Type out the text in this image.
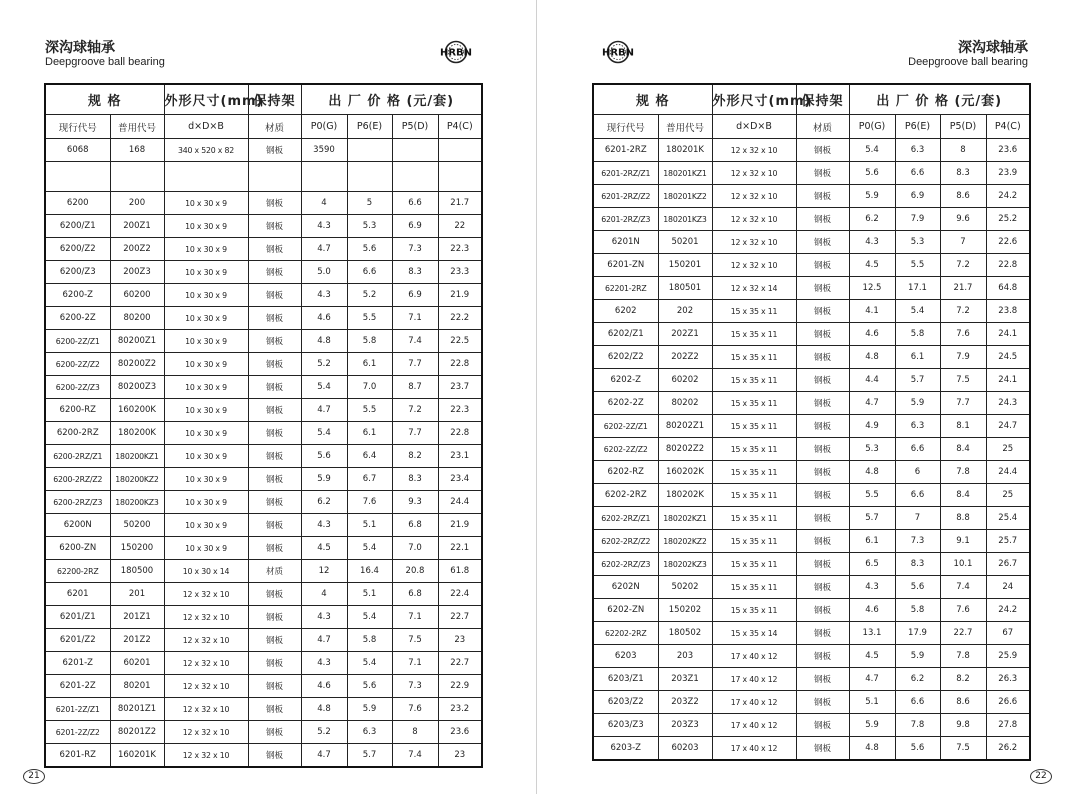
深沟球轴承
Deepgroove ball bearing
HRBN
规 格		外形尺寸(mm)	保持架	出 厂 价 格 (元/套)			
现行代号	普用代号	d×D×B	材质	P0(G)	P6(E)	P5(D)	P4(C)
6068	168	340 x 520 x 82	钢板	3590			

6200	200	10 x 30 x 9	钢板	4	5	6.6	21.7
6200/Z1	200Z1	10 x 30 x 9	钢板	4.3	5.3	6.9	22
6200/Z2	200Z2	10 x 30 x 9	钢板	4.7	5.6	7.3	22.3
6200/Z3	200Z3	10 x 30 x 9	钢板	5.0	6.6	8.3	23.3
6200-Z	60200	10 x 30 x 9	钢板	4.3	5.2	6.9	21.9
6200-2Z	80200	10 x 30 x 9	钢板	4.6	5.5	7.1	22.2
6200-2Z/Z1	80200Z1	10 x 30 x 9	钢板	4.8	5.8	7.4	22.5
6200-2Z/Z2	80200Z2	10 x 30 x 9	钢板	5.2	6.1	7.7	22.8
6200-2Z/Z3	80200Z3	10 x 30 x 9	钢板	5.4	7.0	8.7	23.7
6200-RZ	160200K	10 x 30 x 9	钢板	4.7	5.5	7.2	22.3
6200-2RZ	180200K	10 x 30 x 9	钢板	5.4	6.1	7.7	22.8
6200-2RZ/Z1	180200KZ1	10 x 30 x 9	钢板	5.6	6.4	8.2	23.1
6200-2RZ/Z2	180200KZ2	10 x 30 x 9	钢板	5.9	6.7	8.3	23.4
6200-2RZ/Z3	180200KZ3	10 x 30 x 9	钢板	6.2	7.6	9.3	24.4
6200N	50200	10 x 30 x 9	钢板	4.3	5.1	6.8	21.9
6200-ZN	150200	10 x 30 x 9	钢板	4.5	5.4	7.0	22.1
62200-2RZ	180500	10 x 30 x 14	材质	12	16.4	20.8	61.8
6201	201	12 x 32 x 10	钢板	4	5.1	6.8	22.4
6201/Z1	201Z1	12 x 32 x 10	钢板	4.3	5.4	7.1	22.7
6201/Z2	201Z2	12 x 32 x 10	钢板	4.7	5.8	7.5	23
6201-Z	60201	12 x 32 x 10	钢板	4.3	5.4	7.1	22.7
6201-2Z	80201	12 x 32 x 10	钢板	4.6	5.6	7.3	22.9
6201-2Z/Z1	80201Z1	12 x 32 x 10	钢板	4.8	5.9	7.6	23.2
6201-2Z/Z2	80201Z2	12 x 32 x 10	钢板	5.2	6.3	8	23.6
6201-RZ	160201K	12 x 32 x 10	钢板	4.7	5.7	7.4	23
21
HRBN	深沟球轴承
Deepgroove ball bearing
规 格		外形尺寸(mm)	保持架	出 厂 价 格 (元/套)			
现行代号	普用代号	d×D×B	材质	P0(G)	P6(E)	P5(D)	P4(C)
6201-2RZ	180201K	12 x 32 x 10	钢板	5.4	6.3	8	23.6
6201-2RZ/Z1	180201KZ1	12 x 32 x 10	钢板	5.6	6.6	8.3	23.9
6201-2RZ/Z2	180201KZ2	12 x 32 x 10	钢板	5.9	6.9	8.6	24.2
6201-2RZ/Z3	180201KZ3	12 x 32 x 10	钢板	6.2	7.9	9.6	25.2
6201N	50201	12 x 32 x 10	钢板	4.3	5.3	7	22.6
6201-ZN	150201	12 x 32 x 10	钢板	4.5	5.5	7.2	22.8
62201-2RZ	180501	12 x 32 x 14	钢板	12.5	17.1	21.7	64.8
6202	202	15 x 35 x 11	钢板	4.1	5.4	7.2	23.8
6202/Z1	202Z1	15 x 35 x 11	钢板	4.6	5.8	7.6	24.1
6202/Z2	202Z2	15 x 35 x 11	钢板	4.8	6.1	7.9	24.5
6202-Z	60202	15 x 35 x 11	钢板	4.4	5.7	7.5	24.1
6202-2Z	80202	15 x 35 x 11	钢板	4.7	5.9	7.7	24.3
6202-2Z/Z1	80202Z1	15 x 35 x 11	钢板	4.9	6.3	8.1	24.7
6202-2Z/Z2	80202Z2	15 x 35 x 11	钢板	5.3	6.6	8.4	25
6202-RZ	160202K	15 x 35 x 11	钢板	4.8	6	7.8	24.4
6202-2RZ	180202K	15 x 35 x 11	钢板	5.5	6.6	8.4	25
6202-2RZ/Z1	180202KZ1	15 x 35 x 11	钢板	5.7	7	8.8	25.4
6202-2RZ/Z2	180202KZ2	15 x 35 x 11	钢板	6.1	7.3	9.1	25.7
6202-2RZ/Z3	180202KZ3	15 x 35 x 11	钢板	6.5	8.3	10.1	26.7
6202N	50202	15 x 35 x 11	钢板	4.3	5.6	7.4	24
6202-ZN	150202	15 x 35 x 11	钢板	4.6	5.8	7.6	24.2
62202-2RZ	180502	15 x 35 x 14	钢板	13.1	17.9	22.7	67
6203	203	17 x 40 x 12	钢板	4.5	5.9	7.8	25.9
6203/Z1	203Z1	17 x 40 x 12	钢板	4.7	6.2	8.2	26.3
6203/Z2	203Z2	17 x 40 x 12	钢板	5.1	6.6	8.6	26.6
6203/Z3	203Z3	17 x 40 x 12	钢板	5.9	7.8	9.8	27.8
6203-Z	60203	17 x 40 x 12	钢板	4.8	5.6	7.5	26.2
22
